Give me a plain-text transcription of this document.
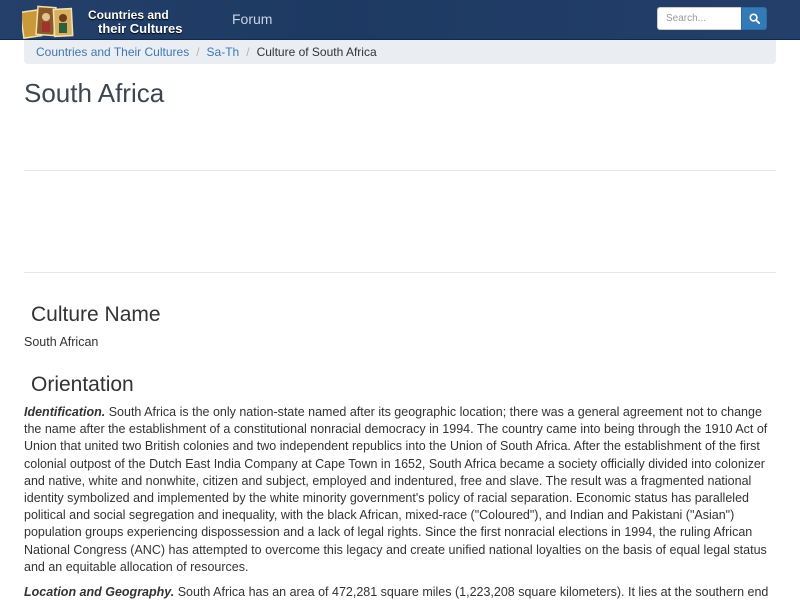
Countries and
their Cultures
Forum
Search...
Countries and Their Cultures / Sa-Th / Culture of South Africa
South Africa
Culture Name
South African
Orientation

Identification. South Africa is the only nation-state named after its geographic location; there was a general agreement not to change the name after the establishment of a constitutional nonracial democracy in 1994. The country came into being through the 1910 Act of Union that united two British colonies and two independent republics into the Union of South Africa. After the establishment of the first colonial outpost of the Dutch East India Company at Cape Town in 1652, South Africa became a society officially divided into colonizer and native, white and nonwhite, citizen and subject, employed and indentured, free and slave. The result was a fragmented national identity symbolized and implemented by the white minority government's policy of racial separation. Economic status has paralleled political and social segregation and inequality, with the black African, mixed-race ("Coloured"), and Indian and Pakistani ("Asian") population groups experiencing dispossession and a lack of legal rights. Since the first nonracial elections in 1994, the ruling African National Congress (ANC) has attempted to overcome this legacy and create unified national loyalties on the basis of equal legal status and an equitable allocation of resources.

Location and Geography. South Africa has an area of 472,281 square miles (1,223,208 square kilometers). It lies at the southern end
